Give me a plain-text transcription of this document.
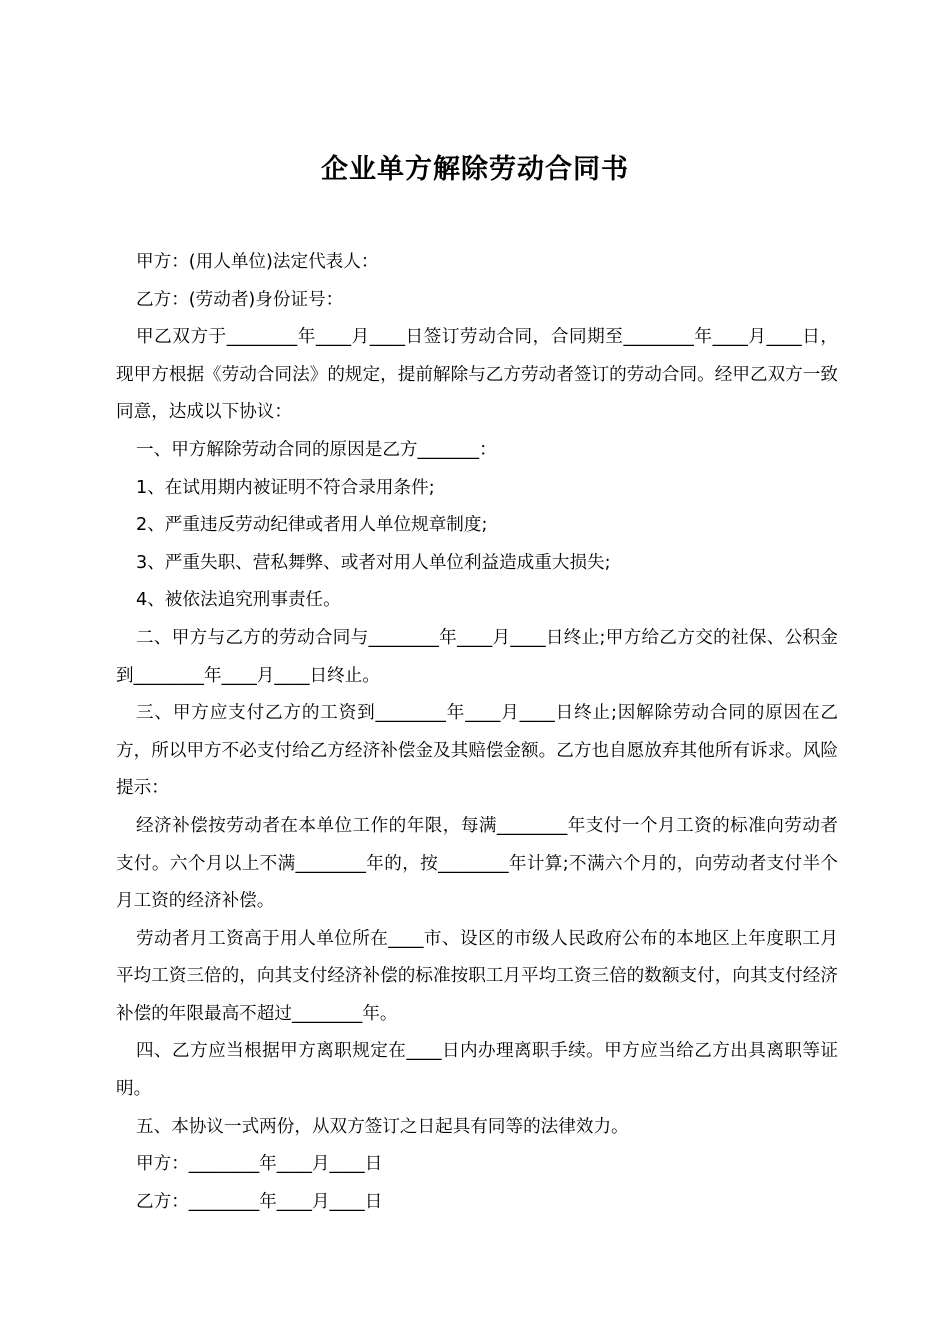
企业单方解除劳动合同书

甲方：(用人单位)法定代表人：

乙方：(劳动者)身份证号：

甲乙双方于________年____月____日签订劳动合同，合同期至________年____月____日，现甲方根据《劳动合同法》的规定，提前解除与乙方劳动者签订的劳动合同。经甲乙双方一致同意，达成以下协议：

一、甲方解除劳动合同的原因是乙方_______：

1、在试用期内被证明不符合录用条件;

2、严重违反劳动纪律或者用人单位规章制度;

3、严重失职、营私舞弊、或者对用人单位利益造成重大损失;

4、被依法追究刑事责任。

二、甲方与乙方的劳动合同与________年____月____日终止;甲方给乙方交的社保、公积金到________年____月____日终止。

三、甲方应支付乙方的工资到________年____月____日终止;因解除劳动合同的原因在乙方，所以甲方不必支付给乙方经济补偿金及其赔偿金额。乙方也自愿放弃其他所有诉求。风险提示：

经济补偿按劳动者在本单位工作的年限，每满________年支付一个月工资的标准向劳动者支付。六个月以上不满________年的，按________年计算;不满六个月的，向劳动者支付半个月工资的经济补偿。

劳动者月工资高于用人单位所在____市、设区的市级人民政府公布的本地区上年度职工月平均工资三倍的，向其支付经济补偿的标准按职工月平均工资三倍的数额支付，向其支付经济补偿的年限最高不超过________年。

四、乙方应当根据甲方离职规定在____日内办理离职手续。甲方应当给乙方出具离职等证明。

五、本协议一式两份，从双方签订之日起具有同等的法律效力。

甲方：________年____月____日

乙方：________年____月____日
